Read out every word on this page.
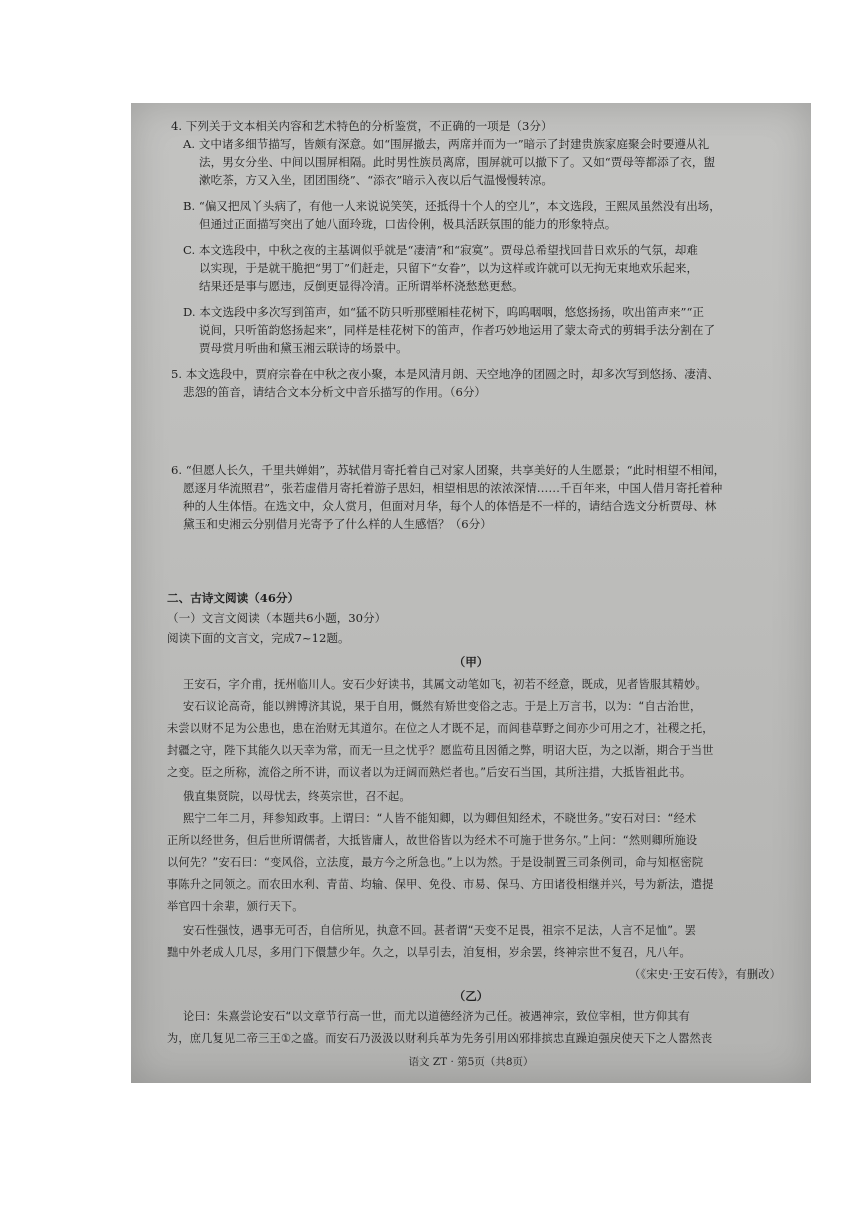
4. 下列关于文本相关内容和艺术特色的分析鉴赏，不正确的一项是（3分）
A. 文中诸多细节描写，皆颇有深意。如“围屏撤去，两席并而为一”暗示了封建贵族家庭聚会时要遵从礼
法，男女分坐、中间以围屏相隔。此时男性族员离席，围屏就可以撤下了。又如“贾母等都添了衣，盥
漱吃茶，方又入坐，团团围绕”、“添衣”暗示入夜以后气温慢慢转凉。
B. “偏又把凤丫头病了，有他一人来说说笑笑，还抵得十个人的空儿”，本文选段，王熙凤虽然没有出场，
但通过正面描写突出了她八面玲珑，口齿伶俐，极具活跃氛围的能力的形象特点。
C. 本文选段中，中秋之夜的主基调似乎就是“凄清”和“寂寞”。贾母总希望找回昔日欢乐的气氛，却难
以实现，于是就干脆把“男丁”们赶走，只留下“女眷”，以为这样或许就可以无拘无束地欢乐起来，
结果还是事与愿违，反倒更显得冷清。正所谓举杯浇愁愁更愁。
D. 本文选段中多次写到笛声，如“猛不防只听那壁厢桂花树下，呜呜咽咽，悠悠扬扬，吹出笛声来”“正
说间，只听笛韵悠扬起来”，同样是桂花树下的笛声，作者巧妙地运用了蒙太奇式的剪辑手法分割在了
贾母赏月听曲和黛玉湘云联诗的场景中。
5. 本文选段中，贾府宗眷在中秋之夜小聚，本是风清月朗、天空地净的团圆之时，却多次写到悠扬、凄清、
悲怨的笛音，请结合文本分析文中音乐描写的作用。（6分）
6. “但愿人长久，千里共婵娟”，苏轼借月寄托着自己对家人团聚，共享美好的人生愿景；“此时相望不相闻，
愿逐月华流照君”，张若虚借月寄托着游子思妇，相望相思的浓浓深情……千百年来，中国人借月寄托着种
种的人生体悟。在选文中，众人赏月，但面对月华，每个人的体悟是不一样的，请结合选文分析贾母、林
黛玉和史湘云分别借月光寄予了什么样的人生感悟？（6分）
二、古诗文阅读（46分）
（一）文言文阅读（本题共6小题，30分）
阅读下面的文言文，完成7~12题。
（甲）
王安石，字介甫，抚州临川人。安石少好读书，其属文动笔如飞，初若不经意，既成，见者皆服其精妙。
安石议论高奇，能以辨博济其说，果于自用，慨然有矫世变俗之志。于是上万言书，以为：“自古治世，
未尝以财不足为公患也，患在治财无其道尔。在位之人才既不足，而闾巷草野之间亦少可用之才，社稷之托，
封疆之守，陛下其能久以天幸为常，而无一旦之忧乎？愿监苟且因循之弊，明诏大臣，为之以渐，期合于当世
之变。臣之所称，流俗之所不讲，而议者以为迂阔而熟烂者也。”后安石当国，其所注措，大抵皆祖此书。
俄直集贤院，以母忧去，终英宗世，召不起。
熙宁二年二月，拜参知政事。上谓曰：“人皆不能知卿，以为卿但知经术，不晓世务。”安石对曰：“经术
正所以经世务，但后世所谓儒者，大抵皆庸人，故世俗皆以为经术不可施于世务尔。”上问：“然则卿所施设
以何先？”安石曰：“变风俗，立法度，最方今之所急也。”上以为然。于是设制置三司条例司，命与知枢密院
事陈升之同领之。而农田水利、青苗、均输、保甲、免役、市易、保马、方田诸役相继并兴，号为新法，遣提
举官四十余辈，颁行天下。
安石性强忮，遇事无可否，自信所见，执意不回。甚者谓“天变不足畏，祖宗不足法，人言不足恤”。罢
黜中外老成人几尽，多用门下儇慧少年。久之，以旱引去，洎复相，岁余罢，终神宗世不复召，凡八年。
（《宋史·王安石传》，有删改）
（乙）
论曰：朱熹尝论安石“以文章节行高一世，而尤以道德经济为己任。被遇神宗，致位宰相，世方仰其有
为，庶几复见二帝三王①之盛。而安石乃汲汲以财利兵革为先务引用凶邪排摈忠直躁迫强戾使天下之人嚣然丧
语文 ZT · 第5页（共8页）
